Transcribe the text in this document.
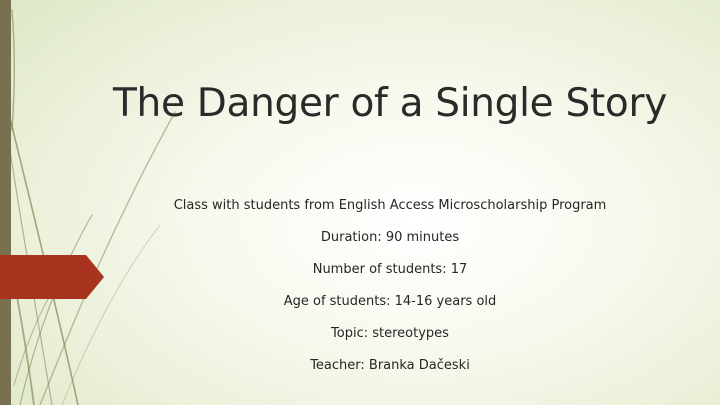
The Danger of a Single Story
Class with students from English Access Microscholarship Program
Duration: 90 minutes
Number of students: 17
Age of students: 14-16 years old
Topic: stereotypes
Teacher: Branka Dačeski
